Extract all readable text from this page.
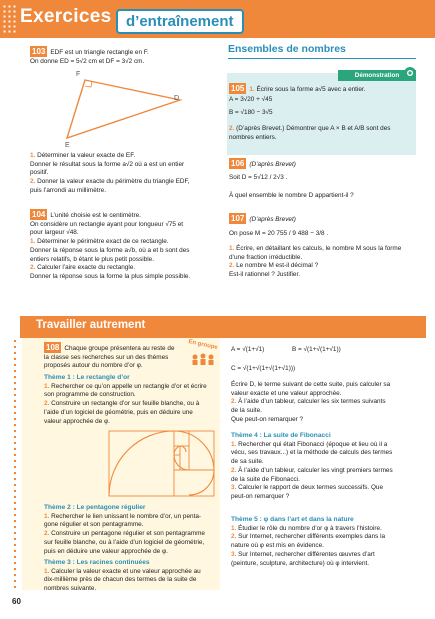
Exercices d’entraînement
103 EDF est un triangle rectangle en F.
On donne ED = 5√2 cm et DF = 3√2 cm.
F
D
E
1. Déterminer la valeur exacte de EF.
Donner le résultat sous la forme a√2 où a est un entier
positif.
2. Donner la valeur exacte du périmètre du triangle EDF,
puis l’arrondi au millimètre.
104 L’unité choisie est le centimètre.
On considère un rectangle ayant pour longueur √75 et
pour largeur √48.
1. Déterminer le périmètre exact de ce rectangle.
Donner la réponse sous la forme a√b, où a et b sont des
entiers relatifs, b étant le plus petit possible.
2. Calculer l’aire exacte du rectangle.
Donner la réponse sous la forme la plus simple possible.
Ensembles de nombres
Démonstration
105 1. Écrire sous la forme a√5 avec a entier.
A = 3√20 + √45
B = √180 − 3√5
2. (D’après Brevet.) Démontrer que A × B et A/B sont des
nombres entiers.
106 (D’après Brevet)
Soit D = 5√12 / 2√3 .
À quel ensemble le nombre D appartient-il ?
107 (D’après Brevet)
On pose M = 20 755 / 9 488 − 3/8 .
1. Écrire, en détaillant les calculs, le nombre M sous la forme
d’une fraction irréductible.
2. Le nombre M est-il décimal ?
Est-il rationnel ? Justifier.
Travailler autrement
108 Chaque groupe présentera au reste de
la classe ses recherches sur un des thèmes
proposés autour du nombre d’or φ.
En groupe
Thème 1 : Le rectangle d’or
1. Rechercher ce qu’on appelle un rectangle d’or et écrire
son programme de construction.
2. Construire un rectangle d’or sur feuille blanche, ou à
l’aide d’un logiciel de géométrie, puis en déduire une
valeur approchée de φ.
Thème 2 : Le pentagone régulier
1. Rechercher le lien unissant le nombre d’or, un penta-
gone régulier et son pentagramme.
2. Construire un pentagone régulier et son pentagramme
sur feuille blanche, ou à l’aide d’un logiciel de géométrie,
puis en déduire une valeur approchée de φ.
Thème 3 : Les racines continuées
1. Calculer la valeur exacte et une valeur approchée au
dix-millième près de chacun des termes de la suite de
nombres suivante.
A = √(1+√1)	B = √(1+√(1+√1))
C = √(1+√(1+√(1+√1)))
Écrire D, le terme suivant de cette suite, puis calculer sa
valeur exacte et une valeur approchée.
2. À l’aide d’un tableur, calculer les six termes suivants
de la suite.
Que peut-on remarquer ?
Thème 4 : La suite de Fibonacci
1. Rechercher qui était Fibonacci (époque et lieu où il a
vécu, ses travaux...) et la méthode de calculs des termes
de sa suite.
2. À l’aide d’un tableur, calculer les vingt premiers termes
de la suite de Fibonacci.
3. Calculer le rapport de deux termes successifs. Que
peut-on remarquer ?
Thème 5 : φ dans l’art et dans la nature
1. Étudier le rôle du nombre d’or φ à travers l’histoire.
2. Sur Internet, rechercher différents exemples dans la
nature où φ est mis en évidence.
3. Sur Internet, rechercher différentes œuvres d’art
(peinture, sculpture, architecture) où φ intervient.
60
